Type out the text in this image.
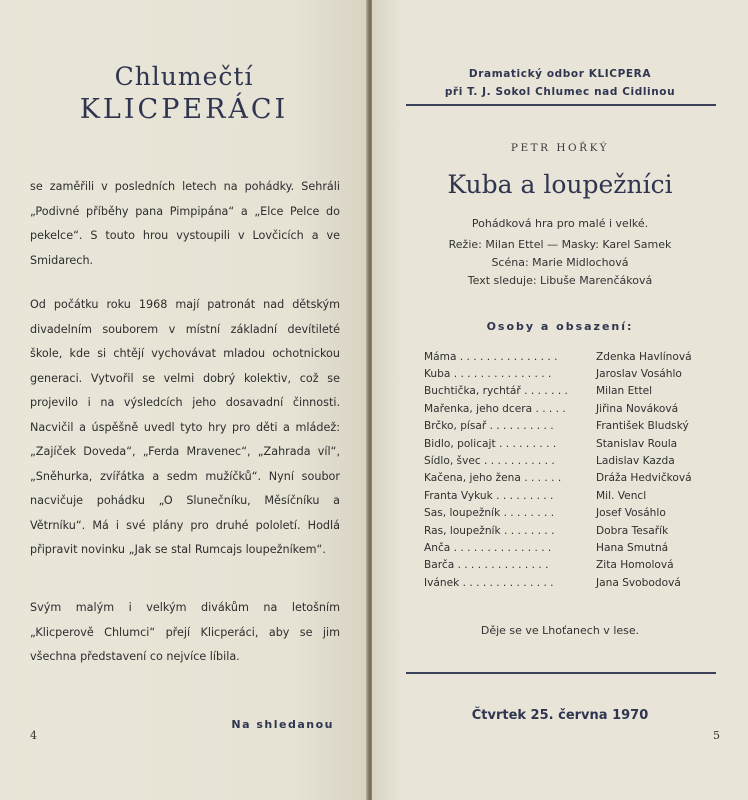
Chlumečtí
KLICPERÁCI

se zaměřili v posledních letech na pohádky. Sehráli „Podivné příběhy pana Pimpipána“ a „Elce Pelce do pekelce“. S touto hrou vystoupili v Lovčicích a ve Smidarech.

Od počátku roku 1968 mají patronát nad dětským divadelním souborem v místní základní devítileté škole, kde si chtějí vychovávat mladou ochotnickou generaci. Vytvořil se velmi dobrý kolektiv, což se projevilo i na výsledcích jeho dosavadní činnosti. Nacvičil a úspěšně uvedl tyto hry pro děti a mládež: „Zajíček Doveda“, „Ferda Mravenec“, „Zahrada víl“, „Sněhurka, zvířátka a sedm mužíčků“. Nyní soubor nacvičuje pohádku „O Slunečníku, Měsíčníku a Větrníku“. Má i své plány pro druhé pololetí. Hodlá připravit novinku „Jak se stal Rumcajs loupežníkem“.

Svým malým i velkým divákům na letošním „Klicperově Chlumci“ přejí Klicperáci, aby se jim všechna představení co nejvíce líbila.

Na shledanou
4
Dramatický odbor KLICPERA
při T. J. Sokol Chlumec nad Cidlinou
PETR HOŘKÝ
Kuba a loupežníci
Pohádková hra pro malé i velké.
Režie: Milan Ettel — Masky: Karel Samek
Scéna: Marie Midlochová
Text sleduje: Libuše Marenčáková
Osoby a obsazení:
Máma . . . . . . . . . . . . . . .	Zdenka Havlínová
Kuba . . . . . . . . . . . . . . .	Jaroslav Vosáhlo
Buchtička, rychtář . . . . . . .	Milan Ettel
Mařenka, jeho dcera . . . . .	Jiřina Nováková
Brčko, písař . . . . . . . . . .	František Bludský
Bidlo, policajt . . . . . . . . .	Stanislav Roula
Šídlo, švec . . . . . . . . . . .	Ladislav Kazda
Kačena, jeho žena . . . . . .	Dráža Hedvičková
Franta Vykuk . . . . . . . . .	Mil. Vencl
Sas, loupežník . . . . . . . .	Josef Vosáhlo
Ras, loupežník . . . . . . . .	Dobra Tesařík
Anča . . . . . . . . . . . . . . .	Hana Smutná
Barča . . . . . . . . . . . . . .	Zita Homolová
Ivánek . . . . . . . . . . . . . .	Jana Svobodová
Děje se ve Lhoťanech v lese.
Čtvrtek 25. června 1970
5
